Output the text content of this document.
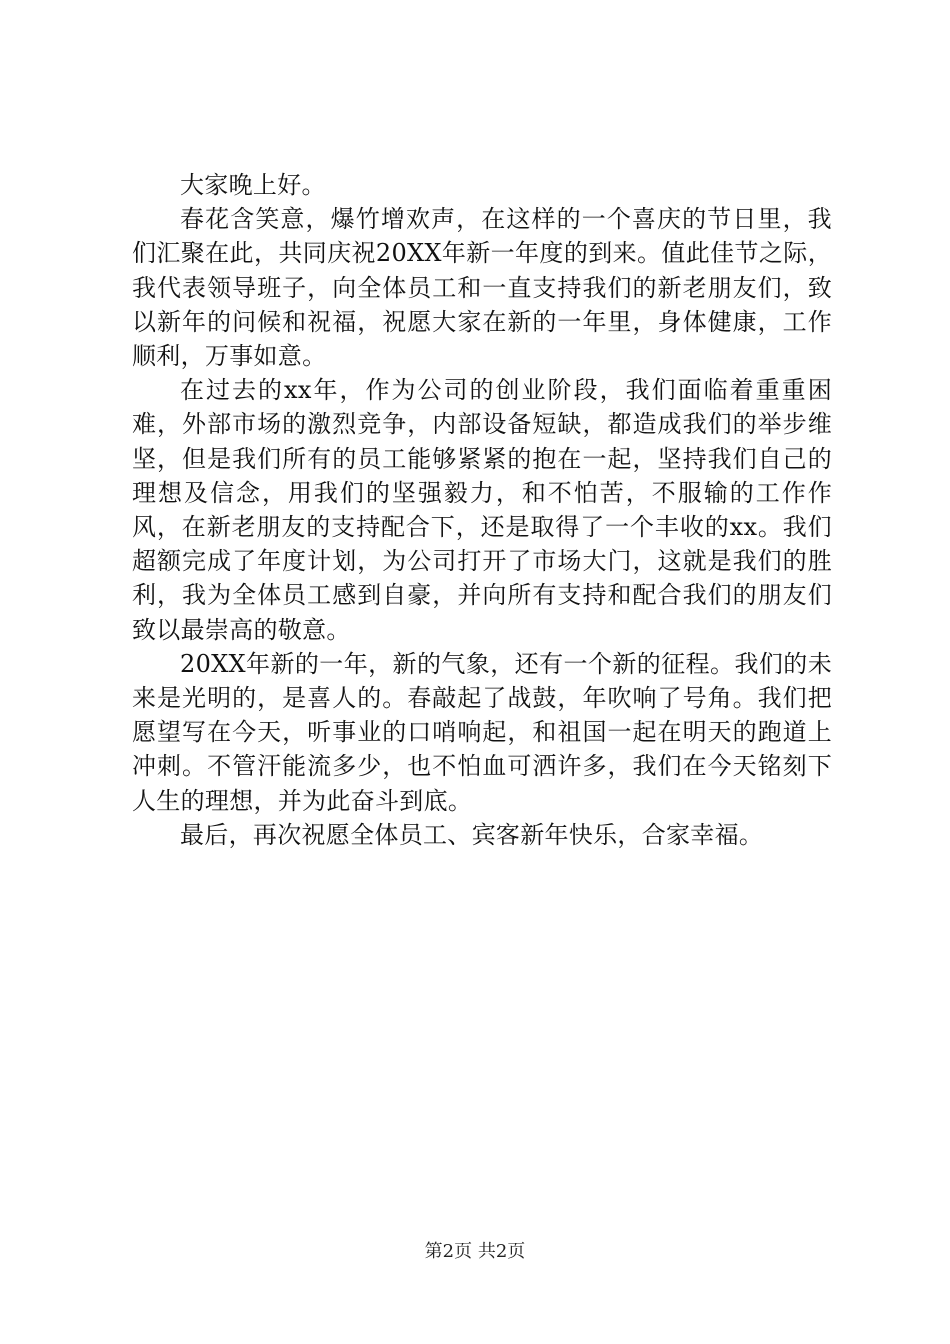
大家晚上好。

春花含笑意，爆竹增欢声，在这样的一个喜庆的节日里，我们汇聚在此，共同庆祝20XX年新一年度的到来。值此佳节之际，我代表领导班子，向全体员工和一直支持我们的新老朋友们，致以新年的问候和祝福，祝愿大家在新的一年里，身体健康，工作顺利，万事如意。

在过去的xx年，作为公司的创业阶段，我们面临着重重困难，外部市场的激烈竞争，内部设备短缺，都造成我们的举步维坚，但是我们所有的员工能够紧紧的抱在一起，坚持我们自己的理想及信念，用我们的坚强毅力，和不怕苦，不服输的工作作风，在新老朋友的支持配合下，还是取得了一个丰收的xx。我们超额完成了年度计划，为公司打开了市场大门，这就是我们的胜利，我为全体员工感到自豪，并向所有支持和配合我们的朋友们致以最崇高的敬意。

20XX年新的一年，新的气象，还有一个新的征程。我们的未来是光明的，是喜人的。春敲起了战鼓，年吹响了号角。我们把愿望写在今天，听事业的口哨响起，和祖国一起在明天的跑道上冲刺。不管汗能流多少，也不怕血可洒许多，我们在今天铭刻下人生的理想，并为此奋斗到底。

最后，再次祝愿全体员工、宾客新年快乐，合家幸福。

第2页 共2页
